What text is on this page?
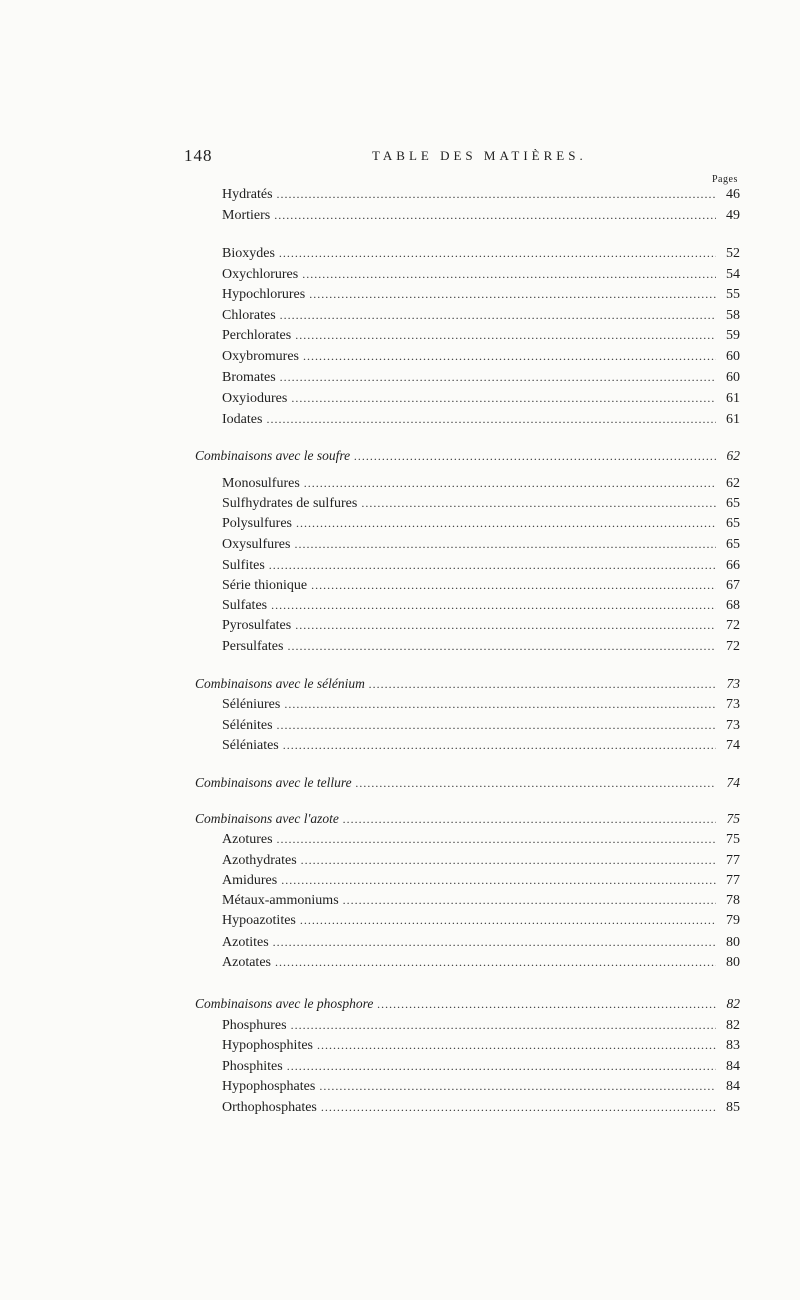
148	TABLE DES MATIÈRES.
Pages
Hydratés .....	46
Mortiers .....	49
Bioxydes .....	52
Oxychlorures .....	54
Hypochlorures .....	55
Chlorates .....	58
Perchlorates .....	59
Oxybromures .....	60
Bromates .....	60
Oxyiodures .....	61
Iodates .....	61
Combinaisons avec le soufre .....	62
Monosulfures .....	62
Sulfhydrates de sulfures .....	65
Polysulfures .....	65
Oxysulfures .....	65
Sulfites .....	66
Série thionique .....	67
Sulfates .....	68
Pyrosulfates .....	72
Persulfates .....	72
Combinaisons avec le sélénium .....	73
Séléniures .....	73
Sélénites .....	73
Séléniates .....	74
Combinaisons avec le tellure .....	74
Combinaisons avec l'azote .....	75
Azotures .....	75
Azothydrates .....	77
Amidures .....	77
Métaux-ammoniums .....	78
Hypoazotites .....	79
Azotites .....	80
Azotates .....	80
Combinaisons avec le phosphore .....	82
Phosphures .....	82
Hypophosphites .....	83
Phosphites .....	84
Hypophosphates .....	84
Orthophosphates .....	85
